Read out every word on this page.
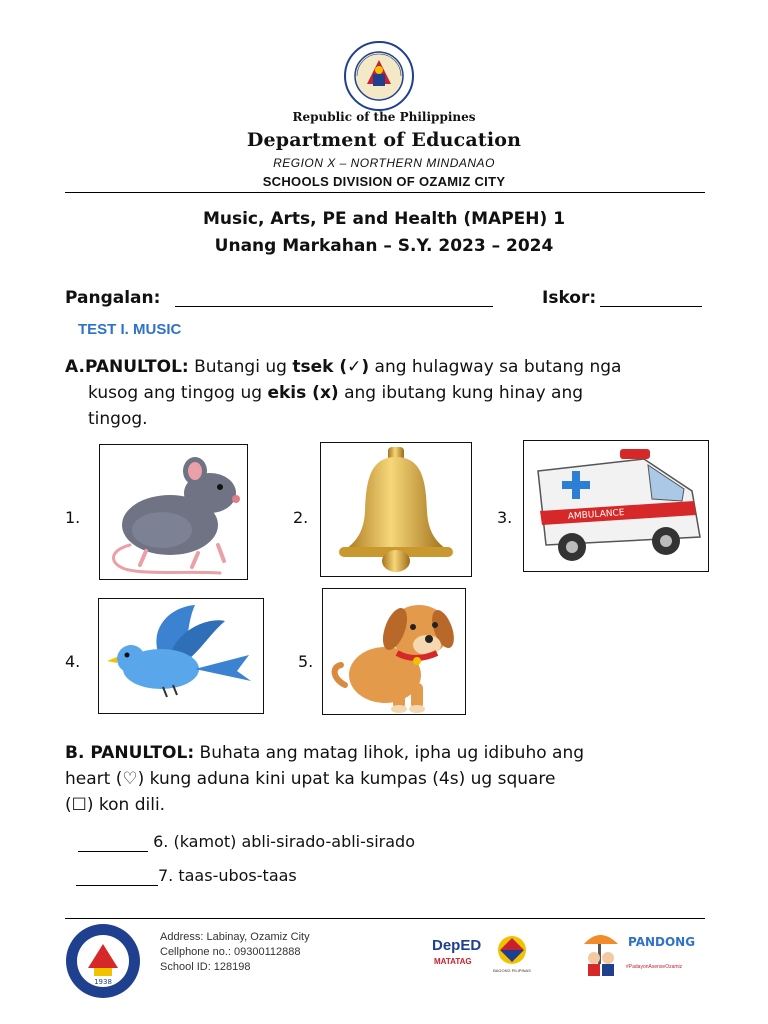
Republic of the Philippines
Department of Education
REGION X – NORTHERN MINDANAO
SCHOOLS DIVISION OF OZAMIZ CITY
Music, Arts, PE and Health (MAPEH) 1
Unang Markahan – S.Y. 2023 – 2024
Pangalan:	Iskor:
TEST I. MUSIC
A.PANULTOL: Butangi ug tsek (✓) ang hulagway sa butang nga
kusog ang tingog ug ekis (x) ang ibutang kung hinay ang
tingog.
1.	2.	3.	AMBULANCE
4.	5.
B. PANULTOL: Buhata ang matag lihok, ipha ug idibuho ang
heart (♡) kung aduna kini upat ka kumpas (4s) ug square
(☐) kon dili.
6. (kamot) abli-sirado-abli-sirado
7. taas-ubos-taas
1938
Address: Labinay, Ozamiz City
Cellphone no.: 09300112888
School ID: 128198
DepED
MATATAG
BAGONG PILIPINAS
PANDONG
#PadayonAsenseOzamiz
